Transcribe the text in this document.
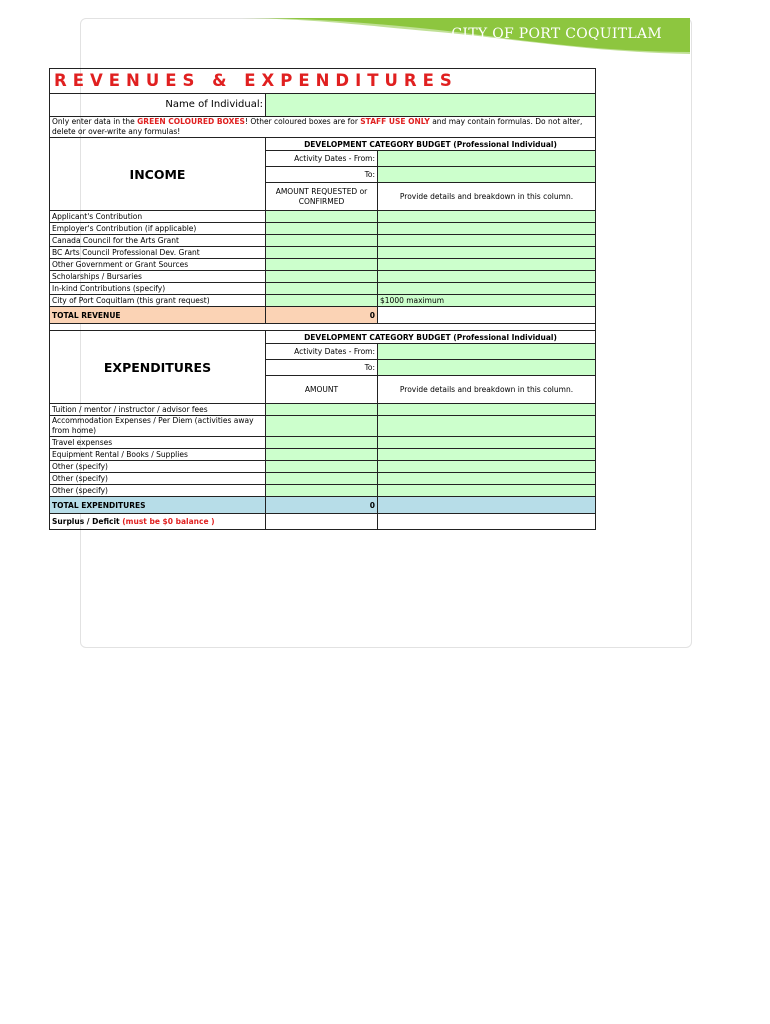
CITY OF PORT COQUITLAM
REVENUES & EXPENDITURES		
Name of Individual:		
Only enter data in the GREEN COLOURED BOXES! Other coloured boxes are for STAFF USE ONLY and may contain formulas. Do not alter, delete or over-write any formulas!		
INCOME	DEVELOPMENT CATEGORY BUDGET (Professional Individual)	
	Activity Dates - From:	
	To:	
	AMOUNT REQUESTED or CONFIRMED	Provide details and breakdown in this column.
Applicant's Contribution		
Employer's Contribution (if applicable)		
Canada Council for the Arts Grant		
BC Arts Council Professional Dev. Grant		
Other Government or Grant Sources		
Scholarships / Bursaries		
In-kind Contributions (specify)		
City of Port Coquitlam (this grant request)		$1000 maximum
TOTAL REVENUE	0	

EXPENDITURES	DEVELOPMENT CATEGORY BUDGET (Professional Individual)	
	Activity Dates - From:	
	To:	
	AMOUNT	Provide details and breakdown in this column.
Tuition / mentor / instructor / advisor fees		
Accommodation Expenses / Per Diem (activities away from home)		
Travel expenses		
Equipment Rental / Books / Supplies		
Other (specify)		
Other (specify)		
Other (specify)		
TOTAL EXPENDITURES	0	
Surplus / Deficit (must be $0 balance )		
